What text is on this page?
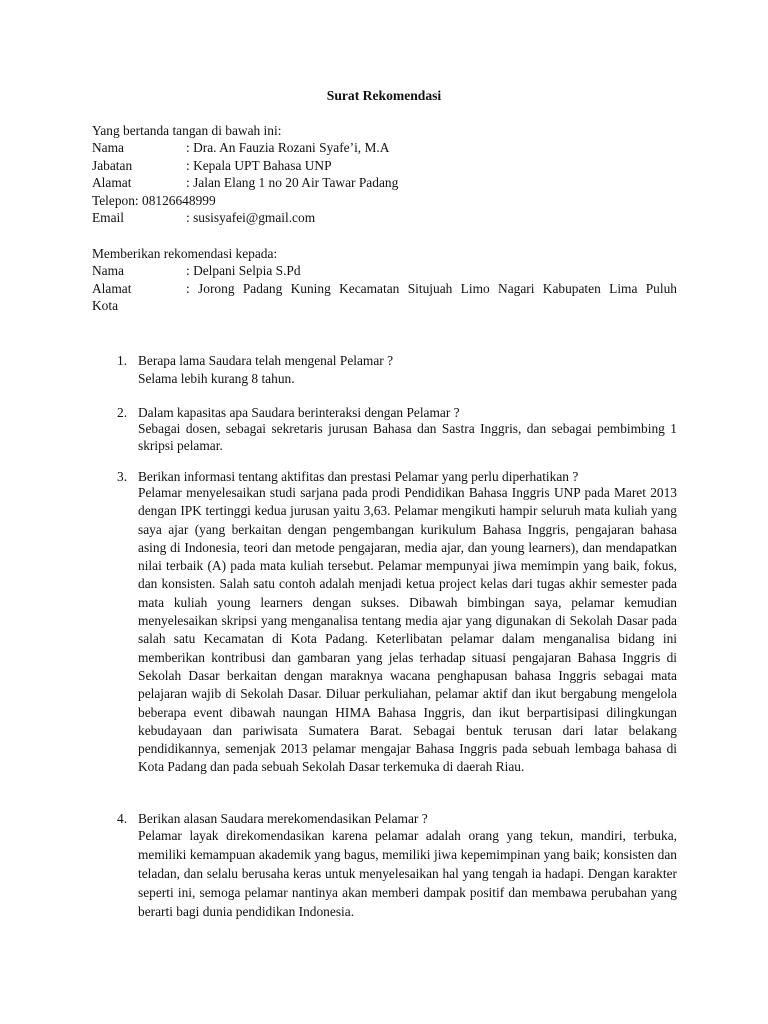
Surat Rekomendasi
Yang bertanda tangan di bawah ini:
Nama	: Dra. An Fauzia Rozani Syafe’i, M.A
Jabatan	: Kepala UPT Bahasa UNP
Alamat	: Jalan Elang 1 no 20 Air Tawar Padang
Telepon: 08126648999
Email	: susisyafei@gmail.com
Memberikan rekomendasi kepada:
Nama	: Delpani Selpia S.Pd
Alamat	: Jorong Padang Kuning Kecamatan Situjuah Limo Nagari Kabupaten Lima Puluh
Kota
1. Berapa lama Saudara telah mengenal Pelamar ?
Selama lebih kurang 8 tahun.
2. Dalam kapasitas apa Saudara berinteraksi dengan Pelamar ?
Sebagai dosen, sebagai sekretaris jurusan Bahasa dan Sastra Inggris, dan sebagai pembimbing 1 skripsi pelamar.
3. Berikan informasi tentang aktifitas dan prestasi Pelamar yang perlu diperhatikan ?
Pelamar menyelesaikan studi sarjana pada prodi Pendidikan Bahasa Inggris UNP pada Maret 2013 dengan IPK tertinggi kedua jurusan yaitu 3,63. Pelamar mengikuti hampir seluruh mata kuliah yang saya ajar (yang berkaitan dengan pengembangan kurikulum Bahasa Inggris, pengajaran bahasa asing di Indonesia, teori dan metode pengajaran, media ajar, dan young learners), dan mendapatkan nilai terbaik (A) pada mata kuliah tersebut. Pelamar mempunyai jiwa memimpin yang baik, fokus, dan konsisten. Salah satu contoh adalah menjadi ketua project kelas dari tugas akhir semester pada mata kuliah young learners dengan sukses. Dibawah bimbingan saya, pelamar kemudian menyelesaikan skripsi yang menganalisa tentang media ajar yang digunakan di Sekolah Dasar pada salah satu Kecamatan di Kota Padang. Keterlibatan pelamar dalam menganalisa bidang ini memberikan kontribusi dan gambaran yang jelas terhadap situasi pengajaran Bahasa Inggris di Sekolah Dasar berkaitan dengan maraknya wacana penghapusan bahasa Inggris sebagai mata pelajaran wajib di Sekolah Dasar. Diluar perkuliahan, pelamar aktif dan ikut bergabung mengelola beberapa event dibawah naungan HIMA Bahasa Inggris, dan ikut berpartisipasi dilingkungan kebudayaan dan pariwisata Sumatera Barat. Sebagai bentuk terusan dari latar belakang pendidikannya, semenjak 2013 pelamar mengajar Bahasa Inggris pada sebuah lembaga bahasa di Kota Padang dan pada sebuah Sekolah Dasar terkemuka di daerah Riau.
4. Berikan alasan Saudara merekomendasikan Pelamar ?
Pelamar layak direkomendasikan karena pelamar adalah orang yang tekun, mandiri, terbuka, memiliki kemampuan akademik yang bagus, memiliki jiwa kepemimpinan yang baik; konsisten dan teladan, dan selalu berusaha keras untuk menyelesaikan hal yang tengah ia hadapi. Dengan karakter seperti ini, semoga pelamar nantinya akan memberi dampak positif dan membawa perubahan yang berarti bagi dunia pendidikan Indonesia.
